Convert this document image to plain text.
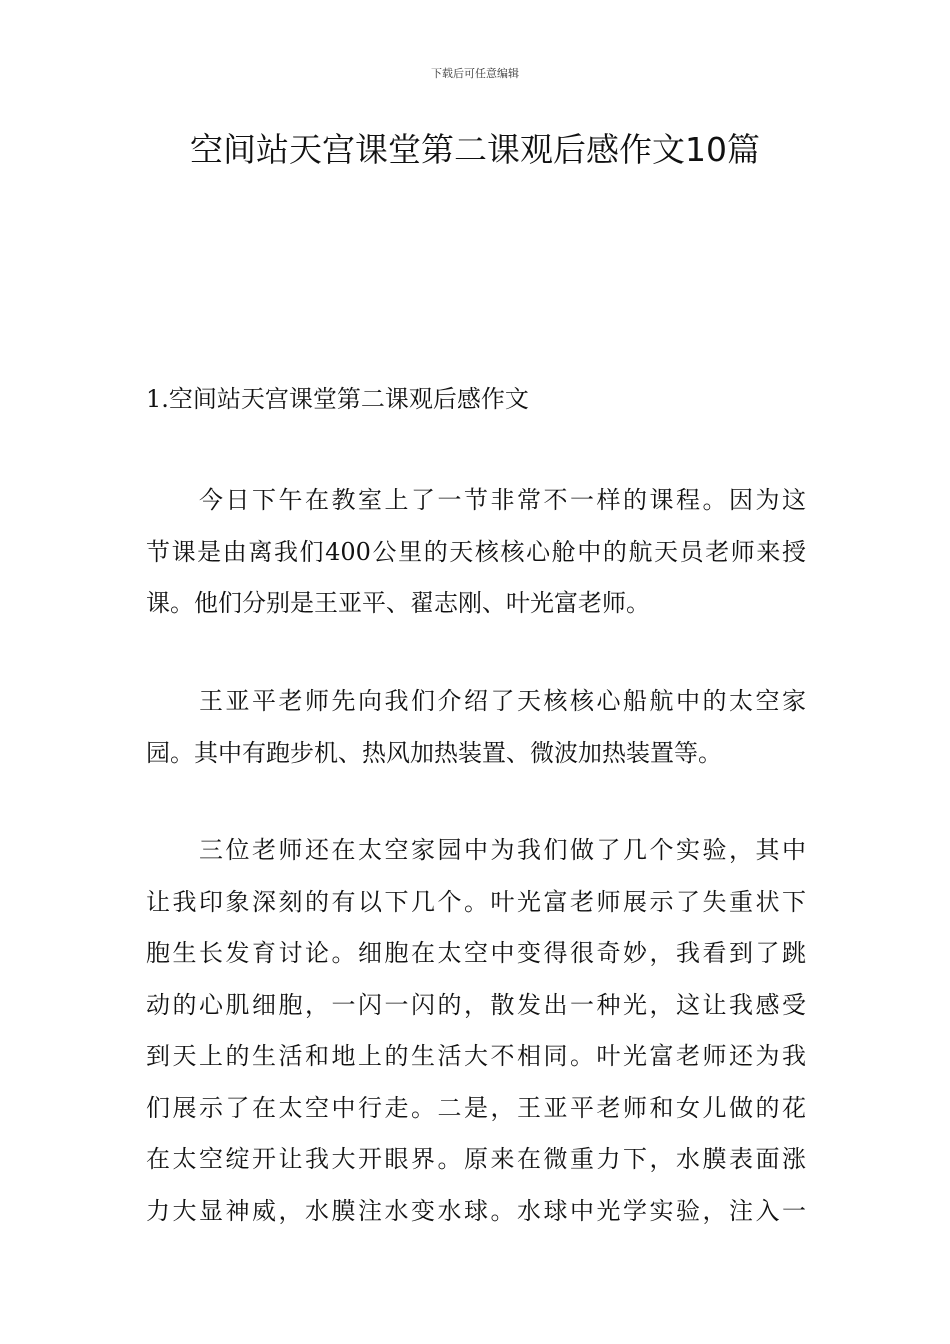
下载后可任意编辑
空间站天宫课堂第二课观后感作文10篇
1.空间站天宫课堂第二课观后感作文
　　今日下午在教室上了一节非常不一样的课程。因为这
节课是由离我们400公里的天核核心舱中的航天员老师来授
课。他们分别是王亚平、翟志刚、叶光富老师。
　　王亚平老师先向我们介绍了天核核心船航中的太空家
园。其中有跑步机、热风加热装置、微波加热装置等。
　　三位老师还在太空家园中为我们做了几个实验，其中
让我印象深刻的有以下几个。叶光富老师展示了失重状下
胞生长发育讨论。细胞在太空中变得很奇妙，我看到了跳
动的心肌细胞，一闪一闪的，散发出一种光，这让我感受
到天上的生活和地上的生活大不相同。叶光富老师还为我
们展示了在太空中行走。二是，王亚平老师和女儿做的花
在太空绽开让我大开眼界。原来在微重力下，水膜表面涨
力大显神威，水膜注水变水球。水球中光学实验，注入一
